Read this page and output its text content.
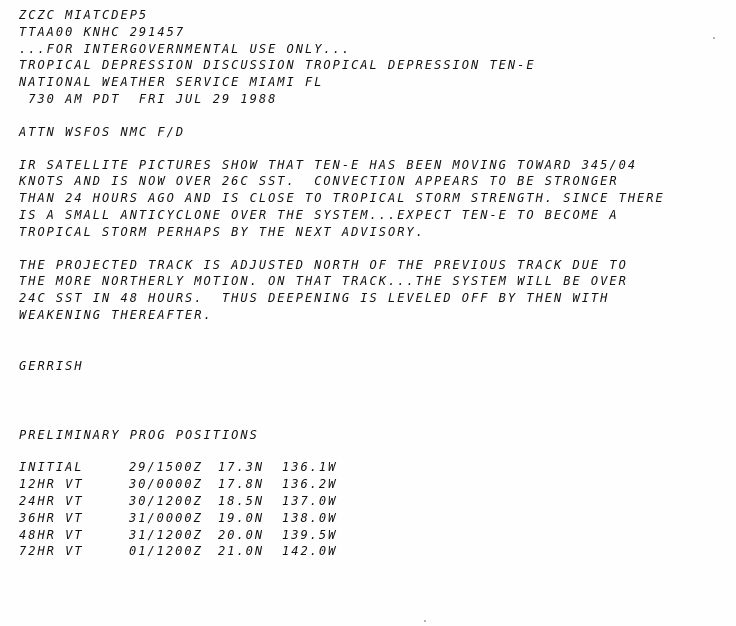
ZCZC MIATCDEP5
TTAA00 KNHC 291457
...FOR INTERGOVERNMENTAL USE ONLY...
TROPICAL DEPRESSION DISCUSSION TROPICAL DEPRESSION TEN-E
NATIONAL WEATHER SERVICE MIAMI FL
730 AM PDT  FRI JUL 29 1988
ATTN WSFOS NMC F/D
IR SATELLITE PICTURES SHOW THAT TEN-E HAS BEEN MOVING TOWARD 345/04
KNOTS AND IS NOW OVER 26C SST.  CONVECTION APPEARS TO BE STRONGER
THAN 24 HOURS AGO AND IS CLOSE TO TROPICAL STORM STRENGTH. SINCE THERE
IS A SMALL ANTICYCLONE OVER THE SYSTEM...EXPECT TEN-E TO BECOME A
TROPICAL STORM PERHAPS BY THE NEXT ADVISORY.
THE PROJECTED TRACK IS ADJUSTED NORTH OF THE PREVIOUS TRACK DUE TO
THE MORE NORTHERLY MOTION. ON THAT TRACK...THE SYSTEM WILL BE OVER
24C SST IN 48 HOURS.  THUS DEEPENING IS LEVELED OFF BY THEN WITH
WEAKENING THEREAFTER.
GERRISH
PRELIMINARY PROG POSITIONS
INITIAL	29/1500Z	17.3N	136.1W
12HR VT	30/0000Z	17.8N	136.2W
24HR VT	30/1200Z	18.5N	137.0W
36HR VT	31/0000Z	19.0N	138.0W
48HR VT	31/1200Z	20.0N	139.5W
72HR VT	01/1200Z	21.0N	142.0W
